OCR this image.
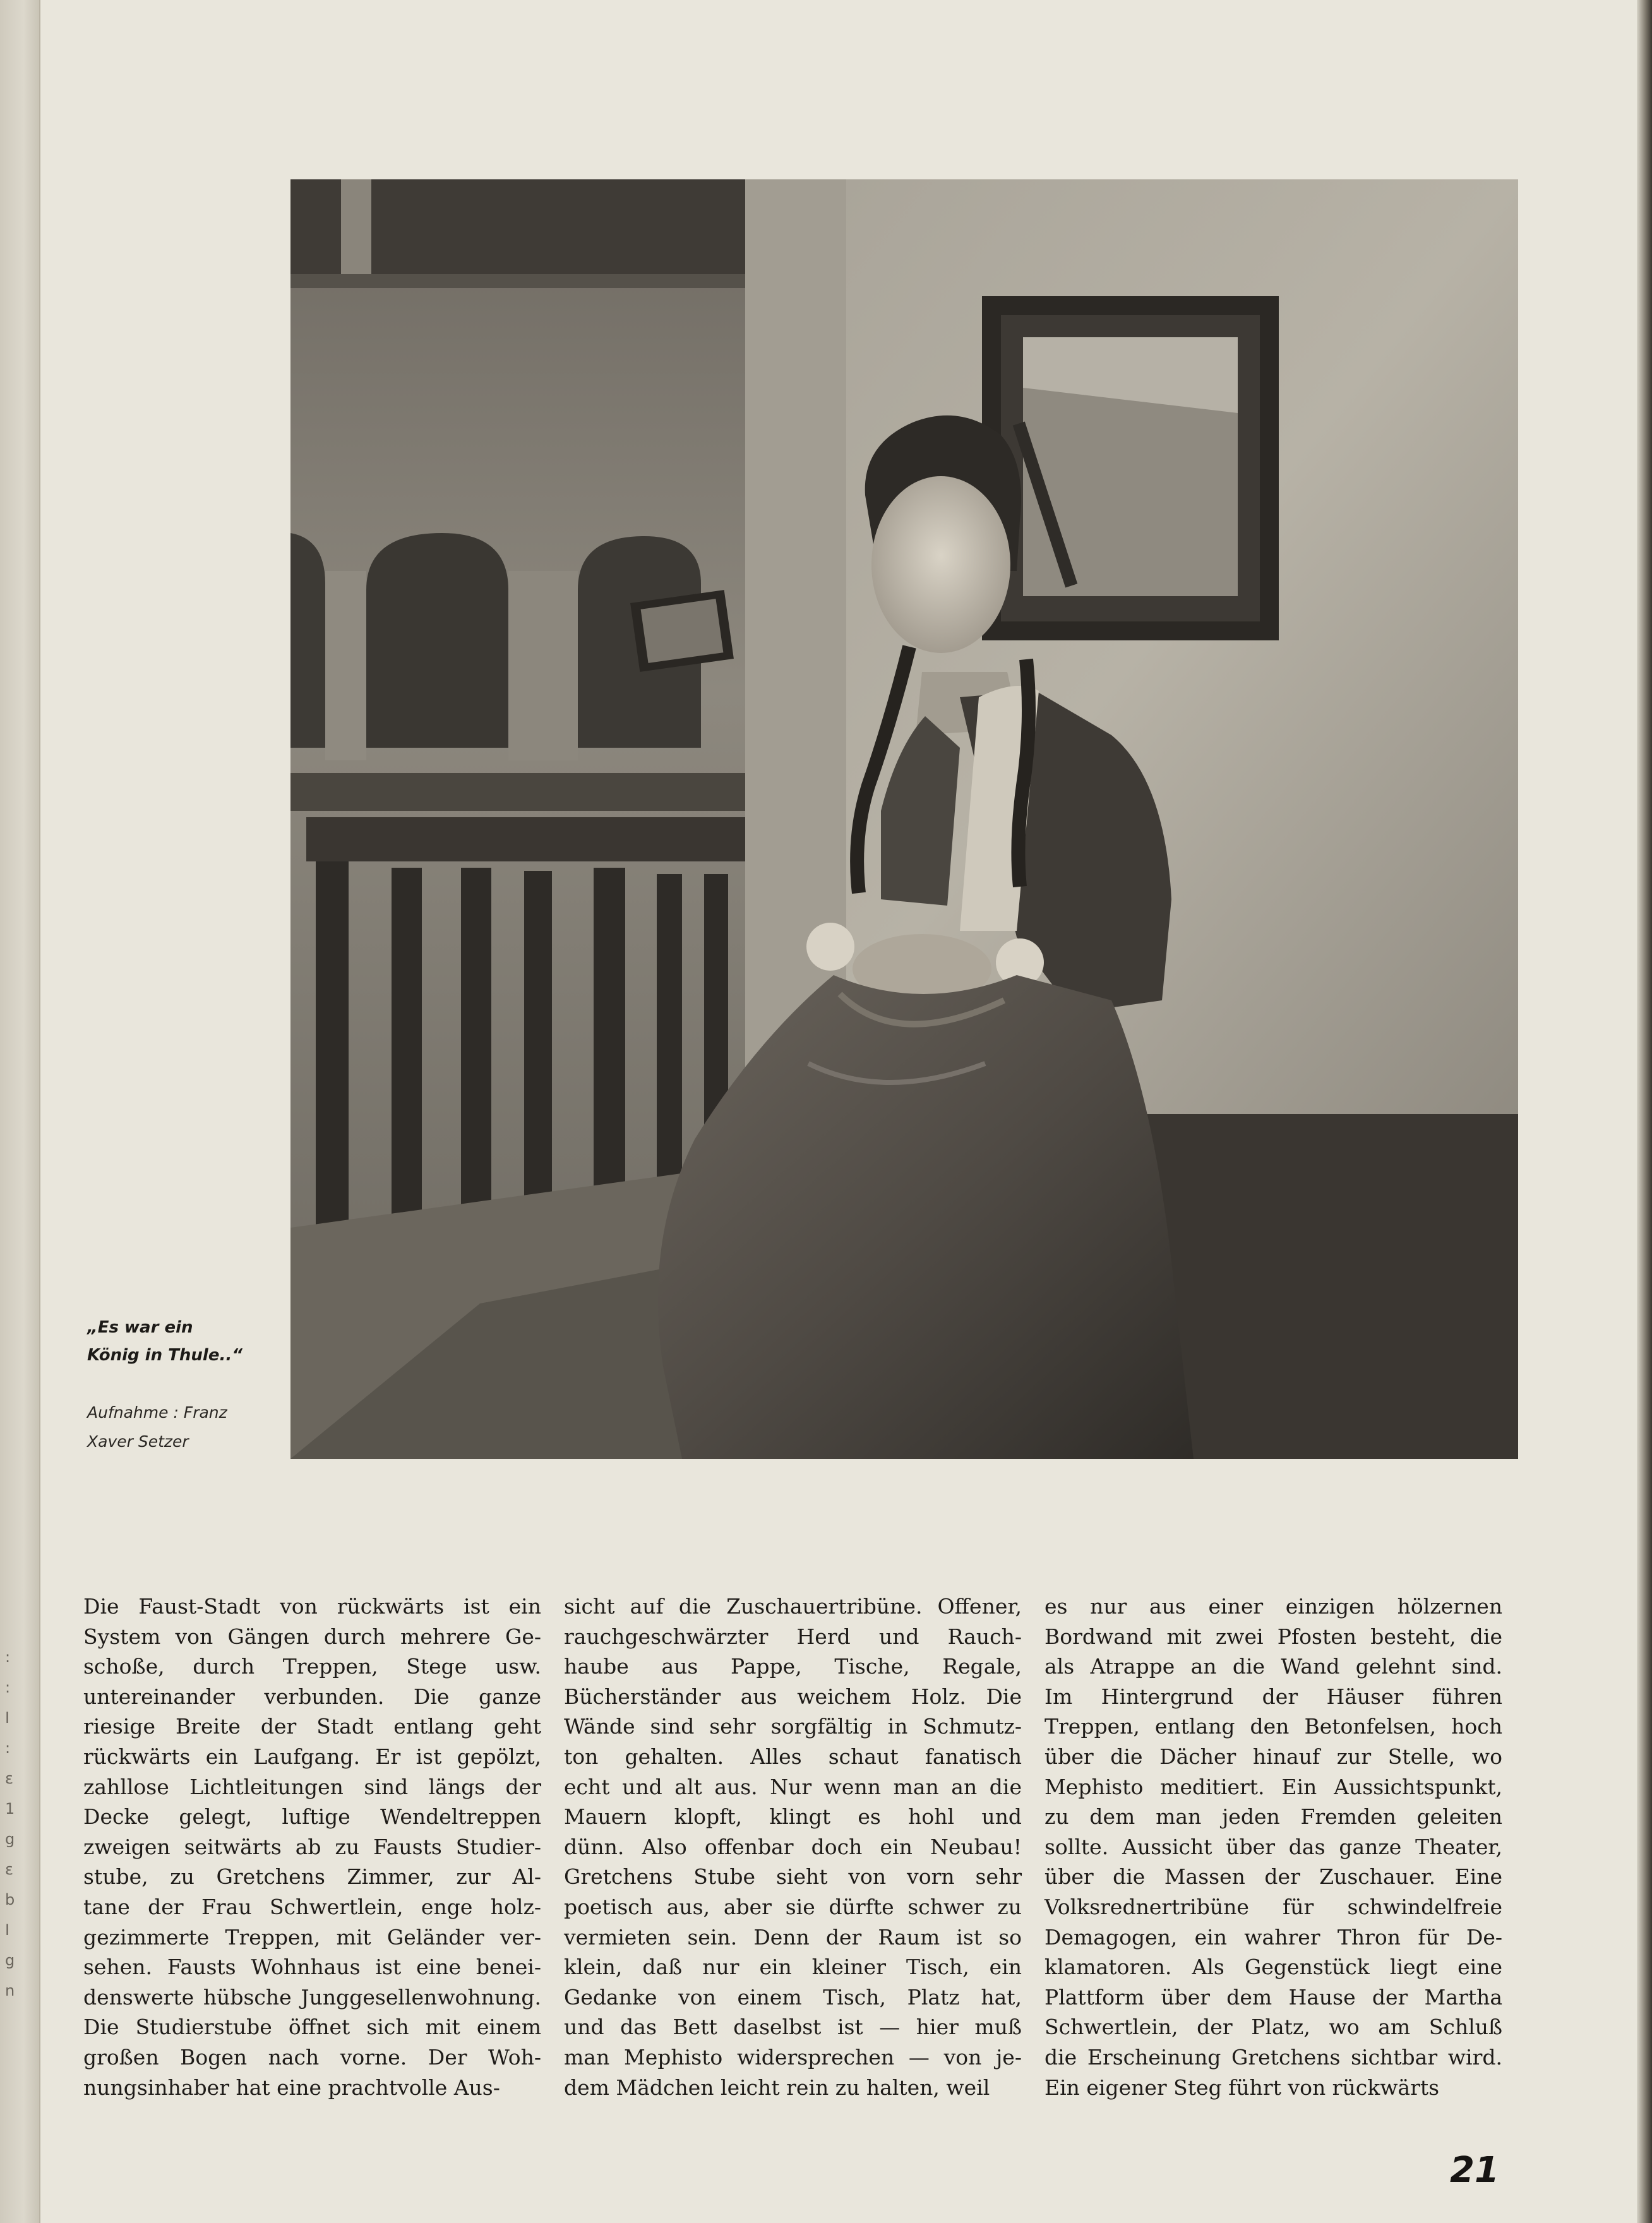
:
:
I
:
ε
1
g
ε
b
I
g
n
„Es war ein
König in Thule..“
Aufnahme : Franz
Xaver Setzer
Die Faust-Stadt von rückwärts ist ein
System von Gängen durch mehrere Ge-
schoße, durch Treppen, Stege usw.
untereinander verbunden. Die ganze
riesige Breite der Stadt entlang geht
rückwärts ein Laufgang. Er ist gepölzt,
zahllose Lichtleitungen sind längs der
Decke gelegt, luftige Wendeltreppen
zweigen seitwärts ab zu Fausts Studier-
stube, zu Gretchens Zimmer, zur Al-
tane der Frau Schwertlein, enge holz-
gezimmerte Treppen, mit Geländer ver-
sehen. Fausts Wohnhaus ist eine benei-
denswerte hübsche Junggesellenwohnung.
Die Studierstube öffnet sich mit einem
großen Bogen nach vorne. Der Woh-
nungsinhaber hat eine prachtvolle Aus-
sicht auf die Zuschauertribüne. Offener,
rauchgeschwärzter Herd und Rauch-
haube aus Pappe, Tische, Regale,
Bücherständer aus weichem Holz. Die
Wände sind sehr sorgfältig in Schmutz-
ton gehalten. Alles schaut fanatisch
echt und alt aus. Nur wenn man an die
Mauern klopft, klingt es hohl und
dünn. Also offenbar doch ein Neubau!
Gretchens Stube sieht von vorn sehr
poetisch aus, aber sie dürfte schwer zu
vermieten sein. Denn der Raum ist so
klein, daß nur ein kleiner Tisch, ein
Gedanke von einem Tisch, Platz hat,
und das Bett daselbst ist — hier muß
man Mephisto widersprechen — von je-
dem Mädchen leicht rein zu halten, weil
es nur aus einer einzigen hölzernen
Bordwand mit zwei Pfosten besteht, die
als Atrappe an die Wand gelehnt sind.
Im Hintergrund der Häuser führen
Treppen, entlang den Betonfelsen, hoch
über die Dächer hinauf zur Stelle, wo
Mephisto meditiert. Ein Aussichtspunkt,
zu dem man jeden Fremden geleiten
sollte. Aussicht über das ganze Theater,
über die Massen der Zuschauer. Eine
Volksrednertribüne für schwindelfreie
Demagogen, ein wahrer Thron für De-
klamatoren. Als Gegenstück liegt eine
Plattform über dem Hause der Martha
Schwertlein, der Platz, wo am Schluß
die Erscheinung Gretchens sichtbar wird.
Ein eigener Steg führt von rückwärts
21
